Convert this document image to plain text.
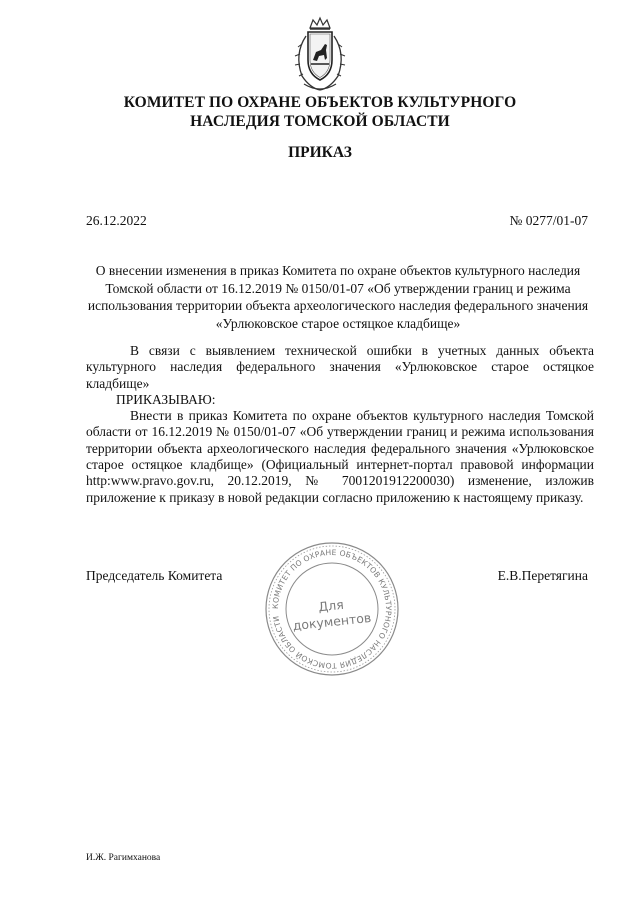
КОМИТЕТ ПО ОХРАНЕ ОБЪЕКТОВ КУЛЬТУРНОГО
НАСЛЕДИЯ ТОМСКОЙ ОБЛАСТИ
ПРИКАЗ
26.12.2022	№ 0277/01-07
О внесении изменения в приказ Комитета по охране объектов культурного наследия Томской области от 16.12.2019 № 0150/01-07 «Об утверждении границ и режима использования территории объекта археологического наследия федерального значения «Урлюковское старое остяцкое кладбище»

В связи с выявлением технической ошибки в учетных данных объекта культурного наследия федерального значения «Урлюковское старое остяцкое кладбище»

ПРИКАЗЫВАЮ:

Внести в приказ Комитета по охране объектов культурного наследия Томской области от 16.12.2019 № 0150/01-07 «Об утверждении границ и режима использования территории объекта археологического наследия федерального значения «Урлюковское старое остяцкое кладбище» (Официальный интернет-портал правовой информации http:www.pravo.gov.ru, 20.12.2019, № 7001201912200030) изменение, изложив приложение к приказу в новой редакции согласно приложению к настоящему приказу.

Председатель Комитета	Е.В.Перетягина
КОМИТЕТ ПО ОХРАНЕ ОБЪЕКТОВ КУЛЬТУРНОГО НАСЛЕДИЯ ТОМСКОЙ ОБЛАСТИ
Для
документов
И.Ж. Рагимханова
